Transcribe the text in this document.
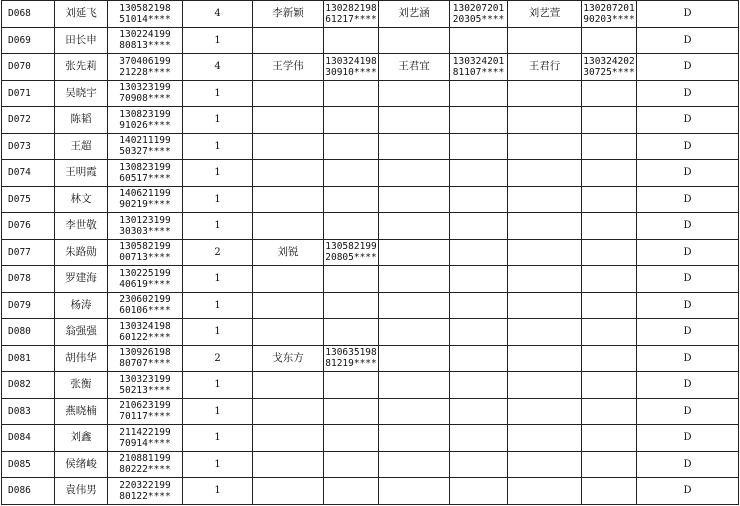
D068	刘延飞	130582198
51014****	4	李新颖	130282198
61217****	刘艺涵	130207201
20305****	刘艺萱	130207201
90203****	D
D069	田长申	130224199
80813****	1							D
D070	张先莉	370406199
21228****	4	王学伟	130324198
30910****	王君宜	130324201
81107****	王君行	130324202
30725****	D
D071	吴晓宇	130323199
70908****	1							D
D072	陈韬	130823199
91026****	1							D
D073	王超	140211199
50327****	1							D
D074	王明霞	130823199
60517****	1							D
D075	林文	140621199
90219****	1							D
D076	李世敬	130123199
30303****	1							D
D077	朱路勋	130582199
00713****	2	刘锐	130582199
20805****					D
D078	罗建海	130225199
40619****	1							D
D079	杨涛	230602199
60106****	1							D
D080	翁强强	130324198
60122****	1							D
D081	胡伟华	130926198
80707****	2	戈东方	130635198
81219****					D
D082	张衡	130323199
50213****	1							D
D083	燕晓楠	210623199
70117****	1							D
D084	刘鑫	211422199
70914****	1							D
D085	侯绪峻	210881199
80222****	1							D
D086	袁伟男	220322199
80122****	1							D
